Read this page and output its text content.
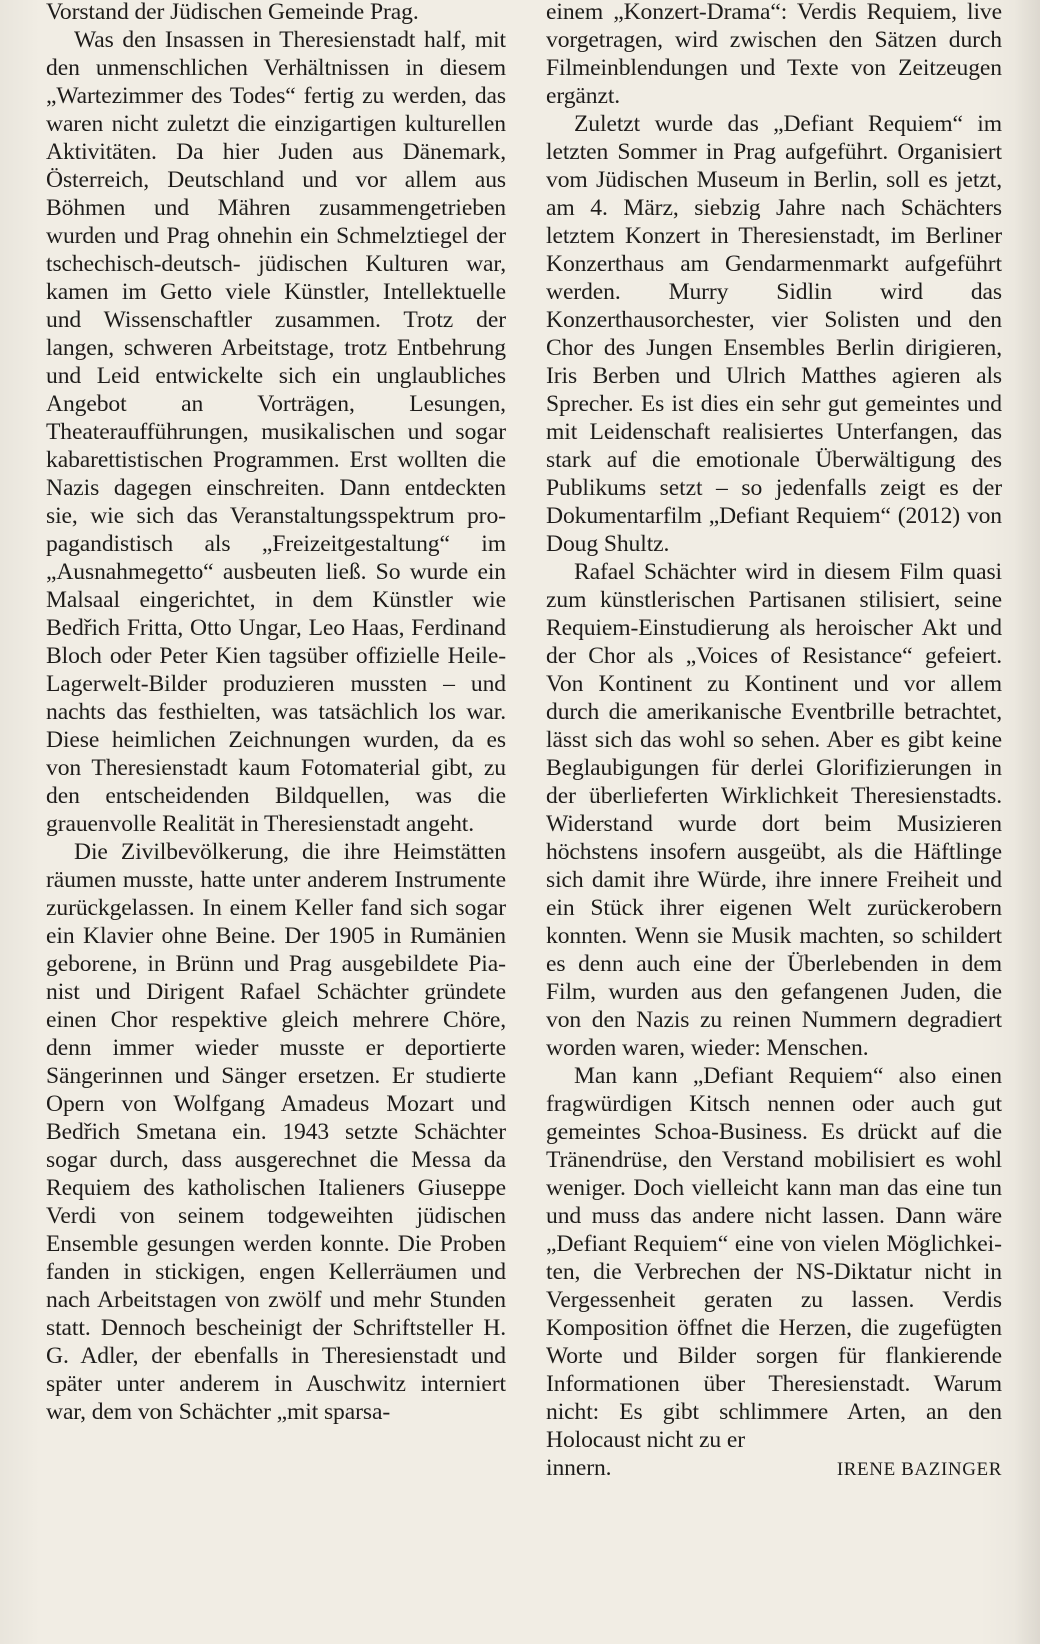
Vorstand der Jüdischen Gemeinde Prag.

Was den Insassen in Theresienstadt half, mit den unmenschlichen Verhältnissen in diesem „Wartezimmer des Todes“ fertig zu werden, das waren nicht zuletzt die einzigartigen kulturellen Aktivitäten. Da hier Juden aus Dänemark, Österreich, Deutschland und vor allem aus Böhmen und Mähren zusammengetrieben wurden und Prag ohnehin ein Schmelztiegel der tschechisch-deutsch- jüdischen Kulturen war, kamen im Getto viele Künstler, Intellektuelle und Wissenschaftler zusammen. Trotz der langen, schweren Arbeitstage, trotz Entbehrung und Leid entwickelte sich ein unglaubliches Angebot an Vorträgen, Lesungen, Theateraufführungen, musikalischen und sogar kabarettistischen Programmen. Erst wollten die Nazis dagegen einschreiten. Dann entdeckten sie, wie sich das Veranstaltungsspektrum propagandistisch als „Freizeitgestaltung“ im „Ausnahmegetto“ ausbeuten ließ. So wurde ein Malsaal eingerichtet, in dem Künstler wie Bedřich Fritta, Otto Ungar, Leo Haas, Ferdinand Bloch oder Peter Kien tagsüber offizielle Heile-Lagerwelt-Bilder produzieren mussten – und nachts das festhielten, was tatsächlich los war. Diese heimlichen Zeichnungen wurden, da es von Theresienstadt kaum Fotomaterial gibt, zu den entscheidenden Bildquellen, was die grauenvolle Realität in Theresienstadt angeht.

Die Zivilbevölkerung, die ihre Heimstätten räumen musste, hatte unter anderem Instrumente zurückgelassen. In einem Keller fand sich sogar ein Klavier ohne Beine. Der 1905 in Rumänien geborene, in Brünn und Prag ausgebildete Pianist und Dirigent Rafael Schächter gründete einen Chor respektive gleich mehrere Chöre, denn immer wieder musste er deportierte Sängerinnen und Sänger ersetzen. Er studierte Opern von Wolfgang Amadeus Mozart und Bedřich Smetana ein. 1943 setzte Schächter sogar durch, dass ausgerechnet die Messa da Requiem des katholischen Italieners Giuseppe Verdi von seinem todgeweihten jüdischen Ensemble gesungen werden konnte. Die Proben fanden in stickigen, engen Kellerräumen und nach Arbeitstagen von zwölf und mehr Stunden statt. Dennoch bescheinigt der Schriftsteller H. G. Adler, der ebenfalls in Theresienstadt und später unter anderem in Auschwitz interniert war, dem von Schächter „mit sparsa-

einem „Konzert-Drama“: Verdis Requiem, live vorgetragen, wird zwischen den Sätzen durch Filmeinblendungen und Texte von Zeitzeugen ergänzt.

Zuletzt wurde das „Defiant Requiem“ im letzten Sommer in Prag aufgeführt. Organisiert vom Jüdischen Museum in Berlin, soll es jetzt, am 4. März, siebzig Jahre nach Schächters letztem Konzert in Theresienstadt, im Berliner Konzerthaus am Gendarmenmarkt aufgeführt werden. Murry Sidlin wird das Konzerthausorchester, vier Solisten und den Chor des Jungen Ensembles Berlin dirigieren, Iris Berben und Ulrich Matthes agieren als Sprecher. Es ist dies ein sehr gut gemeintes und mit Leidenschaft realisiertes Unterfangen, das stark auf die emotionale Überwältigung des Publikums setzt – so jedenfalls zeigt es der Dokumentarfilm „Defiant Requiem“ (2012) von Doug Shultz.

Rafael Schächter wird in diesem Film quasi zum künstlerischen Partisanen stilisiert, seine Requiem-Einstudierung als heroischer Akt und der Chor als „Voices of Resistance“ gefeiert. Von Kontinent zu Kontinent und vor allem durch die amerikanische Eventbrille betrachtet, lässt sich das wohl so sehen. Aber es gibt keine Beglaubigungen für derlei Glorifizierungen in der überlieferten Wirklichkeit Theresienstadts. Widerstand wurde dort beim Musizieren höchstens insofern ausgeübt, als die Häftlinge sich damit ihre Würde, ihre innere Freiheit und ein Stück ihrer eigenen Welt zurückerobern konnten. Wenn sie Musik machten, so schildert es denn auch eine der Überlebenden in dem Film, wurden aus den gefangenen Juden, die von den Nazis zu reinen Nummern degradiert worden waren, wieder: Menschen.

Man kann „Defiant Requiem“ also einen fragwürdigen Kitsch nennen oder auch gut gemeintes Schoa-Business. Es drückt auf die Tränendrüse, den Verstand mobilisiert es wohl weniger. Doch vielleicht kann man das eine tun und muss das andere nicht lassen. Dann wäre „Defiant Requiem“ eine von vielen Möglichkeiten, die Verbrechen der NS-Diktatur nicht in Vergessenheit geraten zu lassen. Verdis Komposition öffnet die Herzen, die zugefügten Worte und Bilder sorgen für flankierende Informationen über Theresienstadt. Warum nicht: Es gibt schlimmere Arten, an den Holocaust nicht zu er

innern.	IRENE BAZINGER
